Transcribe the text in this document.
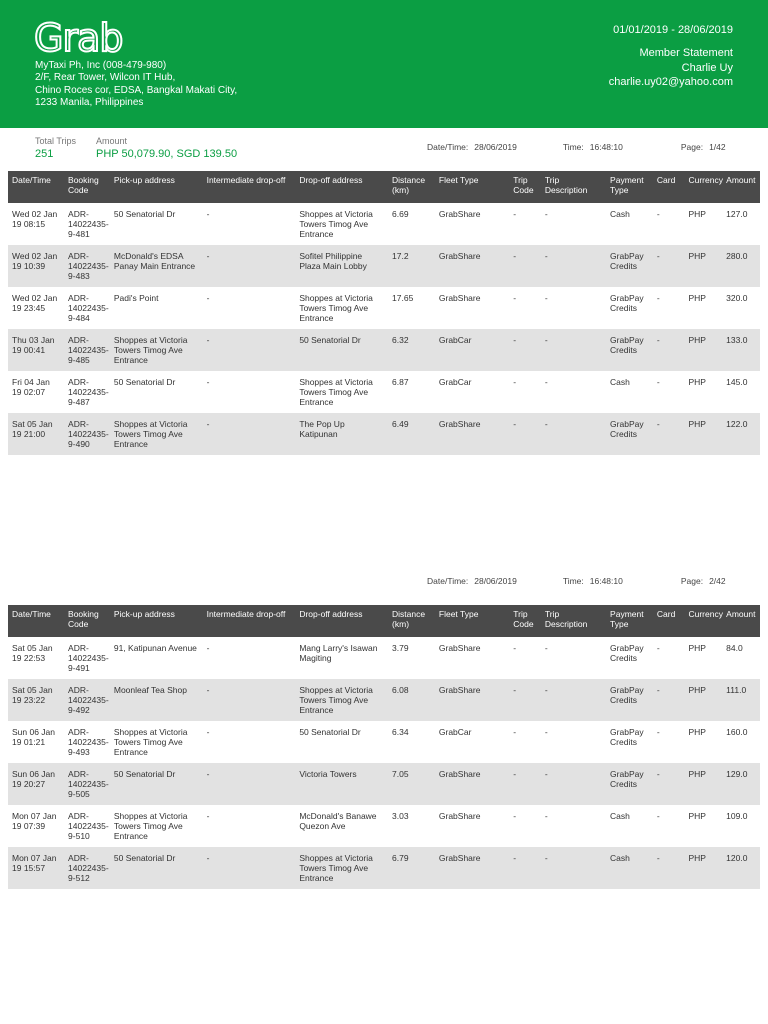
Grab
MyTaxi Ph, Inc (008-479-980)
2/F, Rear Tower, Wilcon IT Hub,
Chino Roces cor, EDSA, Bangkal Makati City,
1233 Manila, Philippines
01/01/2019 - 28/06/2019
Member Statement
Charlie Uy
charlie.uy02@yahoo.com
Total Trips
251
Amount
PHP 50,079.90, SGD 139.50
Date/Time: 28/06/2019	Time: 16:48:10	Page: 1/42
Date/Time	Booking Code	Pick-up address	Intermediate drop-off	Drop-off address	Distance (km)	Fleet Type	Trip Code	Trip Description	Payment Type	Card	Currency	Amount
Wed 02 Jan 19 08:15	ADR-14022435-9-481	50 Senatorial Dr	-	Shoppes at Victoria Towers Timog Ave Entrance	6.69	GrabShare	-	-	Cash	-	PHP	127.0
Wed 02 Jan 19 10:39	ADR-14022435-9-483	McDonald's EDSA Panay Main Entrance	-	Sofitel Philippine Plaza Main Lobby	17.2	GrabShare	-	-	GrabPay Credits	-	PHP	280.0
Wed 02 Jan 19 23:45	ADR-14022435-9-484	Padi's Point	-	Shoppes at Victoria Towers Timog Ave Entrance	17.65	GrabShare	-	-	GrabPay Credits	-	PHP	320.0
Thu 03 Jan 19 00:41	ADR-14022435-9-485	Shoppes at Victoria Towers Timog Ave Entrance	-	50 Senatorial Dr	6.32	GrabCar	-	-	GrabPay Credits	-	PHP	133.0
Fri 04 Jan 19 02:07	ADR-14022435-9-487	50 Senatorial Dr	-	Shoppes at Victoria Towers Timog Ave Entrance	6.87	GrabCar	-	-	Cash	-	PHP	145.0
Sat 05 Jan 19 21:00	ADR-14022435-9-490	Shoppes at Victoria Towers Timog Ave Entrance	-	The Pop Up Katipunan	6.49	GrabShare	-	-	GrabPay Credits	-	PHP	122.0
Date/Time: 28/06/2019	Time: 16:48:10	Page: 2/42
Date/Time	Booking Code	Pick-up address	Intermediate drop-off	Drop-off address	Distance (km)	Fleet Type	Trip Code	Trip Description	Payment Type	Card	Currency	Amount
Sat 05 Jan 19 22:53	ADR-14022435-9-491	91, Katipunan Avenue	-	Mang Larry's Isawan Magiting	3.79	GrabShare	-	-	GrabPay Credits	-	PHP	84.0
Sat 05 Jan 19 23:22	ADR-14022435-9-492	Moonleaf Tea Shop	-	Shoppes at Victoria Towers Timog Ave Entrance	6.08	GrabShare	-	-	GrabPay Credits	-	PHP	111.0
Sun 06 Jan 19 01:21	ADR-14022435-9-493	Shoppes at Victoria Towers Timog Ave Entrance	-	50 Senatorial Dr	6.34	GrabCar	-	-	GrabPay Credits	-	PHP	160.0
Sun 06 Jan 19 20:27	ADR-14022435-9-505	50 Senatorial Dr	-	Victoria Towers	7.05	GrabShare	-	-	GrabPay Credits	-	PHP	129.0
Mon 07 Jan 19 07:39	ADR-14022435-9-510	Shoppes at Victoria Towers Timog Ave Entrance	-	McDonald's Banawe Quezon Ave	3.03	GrabShare	-	-	Cash	-	PHP	109.0
Mon 07 Jan 19 15:57	ADR-14022435-9-512	50 Senatorial Dr	-	Shoppes at Victoria Towers Timog Ave Entrance	6.79	GrabShare	-	-	Cash	-	PHP	120.0
